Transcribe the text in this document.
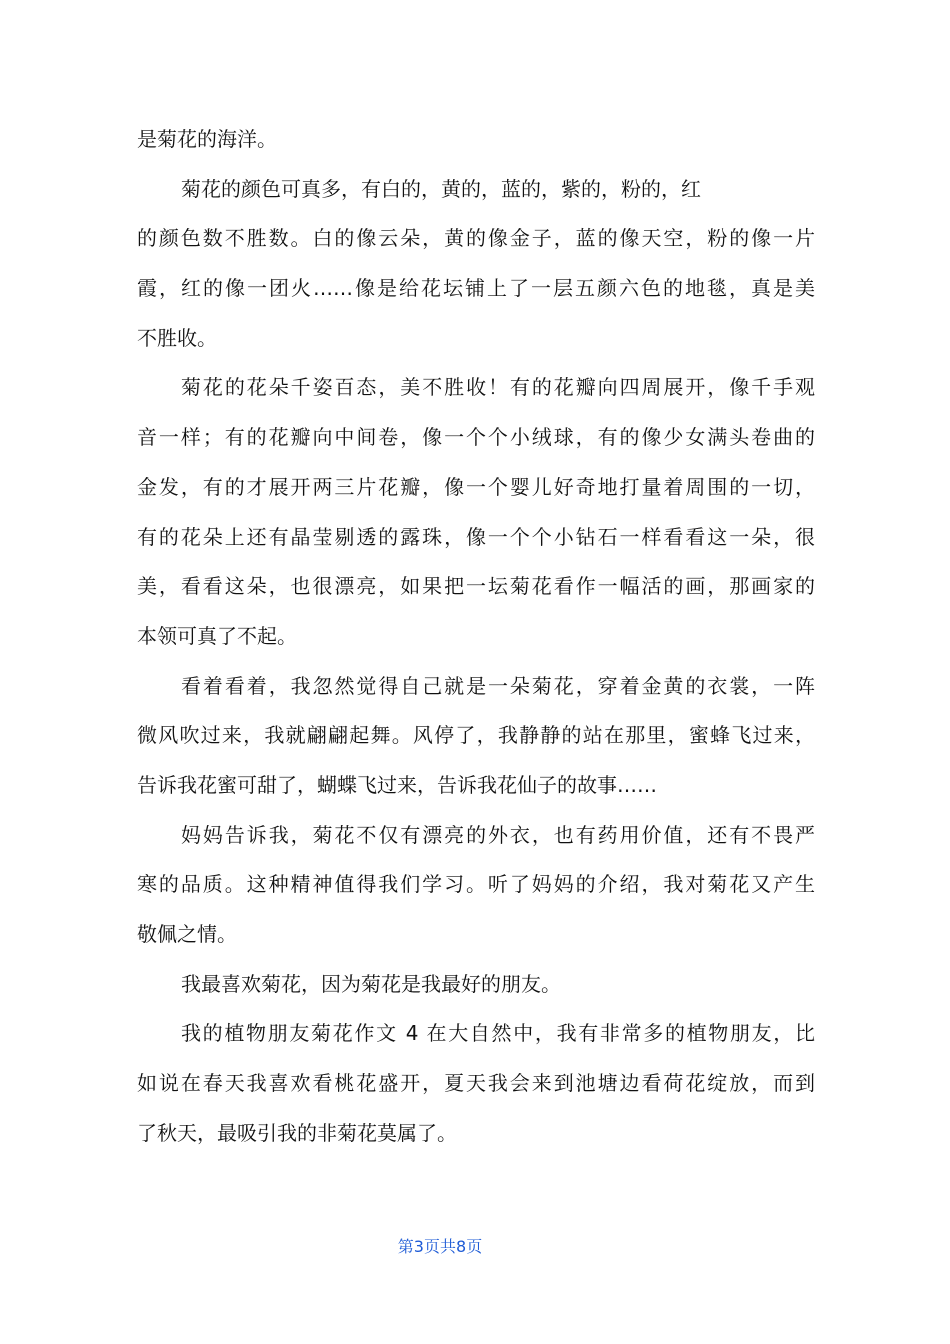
是菊花的海洋。
菊花的颜色可真多，有白的，黄的，蓝的，紫的，粉的，红
的颜色数不胜数。白的像云朵，黄的像金子，蓝的像天空，粉的像一片
霞，红的像一团火……像是给花坛铺上了一层五颜六色的地毯，真是美
不胜收。
菊花的花朵千姿百态，美不胜收！有的花瓣向四周展开，像千手观
音一样；有的花瓣向中间卷，像一个个小绒球，有的像少女满头卷曲的
金发，有的才展开两三片花瓣，像一个婴儿好奇地打量着周围的一切，
有的花朵上还有晶莹剔透的露珠，像一个个小钻石一样看看这一朵，很
美，看看这朵，也很漂亮，如果把一坛菊花看作一幅活的画，那画家的
本领可真了不起。
看着看着，我忽然觉得自己就是一朵菊花，穿着金黄的衣裳，一阵
微风吹过来，我就翩翩起舞。风停了，我静静的站在那里，蜜蜂飞过来，
告诉我花蜜可甜了，蝴蝶飞过来，告诉我花仙子的故事……
妈妈告诉我，菊花不仅有漂亮的外衣，也有药用价值，还有不畏严
寒的品质。这种精神值得我们学习。听了妈妈的介绍，我对菊花又产生
敬佩之情。
我最喜欢菊花，因为菊花是我最好的朋友。
我的植物朋友菊花作文 4 在大自然中，我有非常多的植物朋友，比
如说在春天我喜欢看桃花盛开，夏天我会来到池塘边看荷花绽放，而到
了秋天，最吸引我的非菊花莫属了。
第3页共8页
